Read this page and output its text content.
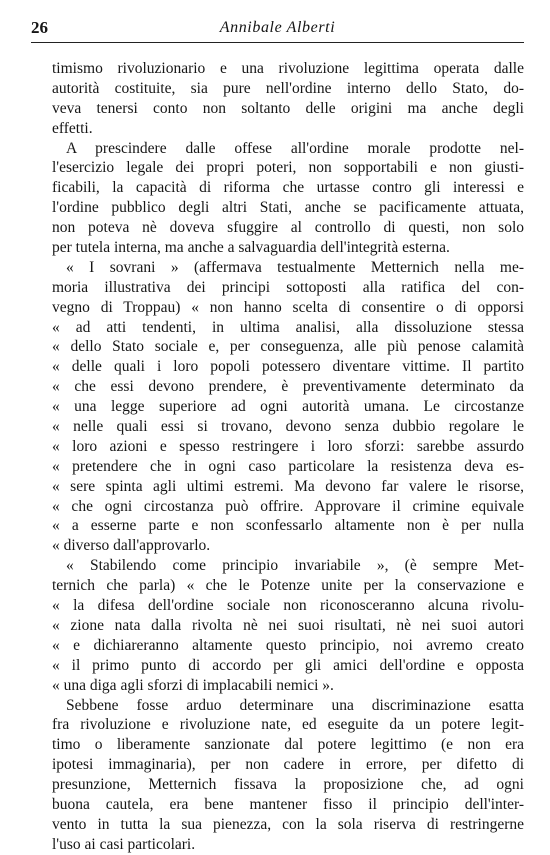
26	Annibale Alberti
timismo rivoluzionario e una rivoluzione legittima operata dalle
autorità costituite, sia pure nell'ordine interno dello Stato, do-
veva tenersi conto non soltanto delle origini ma anche degli
effetti.
A prescindere dalle offese all'ordine morale prodotte nel-
l'esercizio legale dei propri poteri, non sopportabili e non giusti-
ficabili, la capacità di riforma che urtasse contro gli interessi e
l'ordine pubblico degli altri Stati, anche se pacificamente attuata,
non poteva nè doveva sfuggire al controllo di questi, non solo
per tutela interna, ma anche a salvaguardia dell'integrità esterna.
« I sovrani » (affermava testualmente Metternich nella me-
moria illustrativa dei principi sottoposti alla ratifica del con-
vegno di Troppau) « non hanno scelta di consentire o di opporsi
« ad atti tendenti, in ultima analisi, alla dissoluzione stessa
« dello Stato sociale e, per conseguenza, alle più penose calamità
« delle quali i loro popoli potessero diventare vittime. Il partito
« che essi devono prendere, è preventivamente determinato da
« una legge superiore ad ogni autorità umana. Le circostanze
« nelle quali essi si trovano, devono senza dubbio regolare le
« loro azioni e spesso restringere i loro sforzi: sarebbe assurdo
« pretendere che in ogni caso particolare la resistenza deva es-
« sere spinta agli ultimi estremi. Ma devono far valere le risorse,
« che ogni circostanza può offrire. Approvare il crimine equivale
« a esserne parte e non sconfessarlo altamente non è per nulla
« diverso dall'approvarlo.
« Stabilendo come principio invariabile », (è sempre Met-
ternich che parla) « che le Potenze unite per la conservazione e
« la difesa dell'ordine sociale non riconosceranno alcuna rivolu-
« zione nata dalla rivolta nè nei suoi risultati, nè nei suoi autori
« e dichiareranno altamente questo principio, noi avremo creato
« il primo punto di accordo per gli amici dell'ordine e opposta
« una diga agli sforzi di implacabili nemici ».
Sebbene fosse arduo determinare una discriminazione esatta
fra rivoluzione e rivoluzione nate, ed eseguite da un potere legit-
timo o liberamente sanzionate dal potere legittimo (e non era
ipotesi immaginaria), per non cadere in errore, per difetto di
presunzione, Metternich fissava la proposizione che, ad ogni
buona cautela, era bene mantener fisso il principio dell'inter-
vento in tutta la sua pienezza, con la sola riserva di restringerne
l'uso ai casi particolari.
